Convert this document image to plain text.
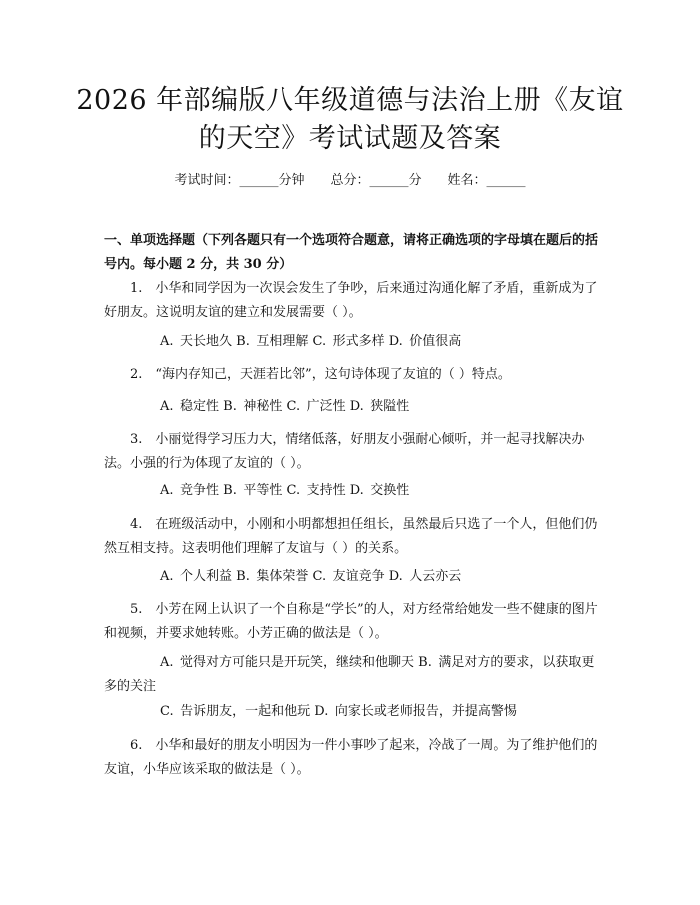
2026 年部编版八年级道德与法治上册《友谊
的天空》考试试题及答案
考试时间：______分钟 总分：______分 姓名：______
一、单项选择题（下列各题只有一个选项符合题意，请将正确选项的字母填在题后的括号内。每小题 2 分，共 30 分）
1.　小华和同学因为一次误会发生了争吵，后来通过沟通化解了矛盾，重新成为了好朋友。这说明友谊的建立和发展需要（ ）。
A. 天长地久 B. 互相理解 C. 形式多样 D. 价值很高
2.　“海内存知己，天涯若比邻”，这句诗体现了友谊的（ ）特点。
A. 稳定性 B. 神秘性 C. 广泛性 D. 狭隘性
3.　小丽觉得学习压力大，情绪低落，好朋友小强耐心倾听，并一起寻找解决办法。小强的行为体现了友谊的（ ）。
A. 竞争性 B. 平等性 C. 支持性 D. 交换性
4.　在班级活动中，小刚和小明都想担任组长，虽然最后只选了一个人，但他们仍然互相支持。这表明他们理解了友谊与（ ）的关系。
A. 个人利益 B. 集体荣誉 C. 友谊竞争 D. 人云亦云
5.　小芳在网上认识了一个自称是“学长”的人，对方经常给她发一些不健康的图片和视频，并要求她转账。小芳正确的做法是（ ）。
A. 觉得对方可能只是开玩笑，继续和他聊天 B. 满足对方的要求，以获取更多的关注
C. 告诉朋友，一起和他玩 D. 向家长或老师报告，并提高警惕
6.　小华和最好的朋友小明因为一件小事吵了起来，冷战了一周。为了维护他们的友谊，小华应该采取的做法是（ ）。
